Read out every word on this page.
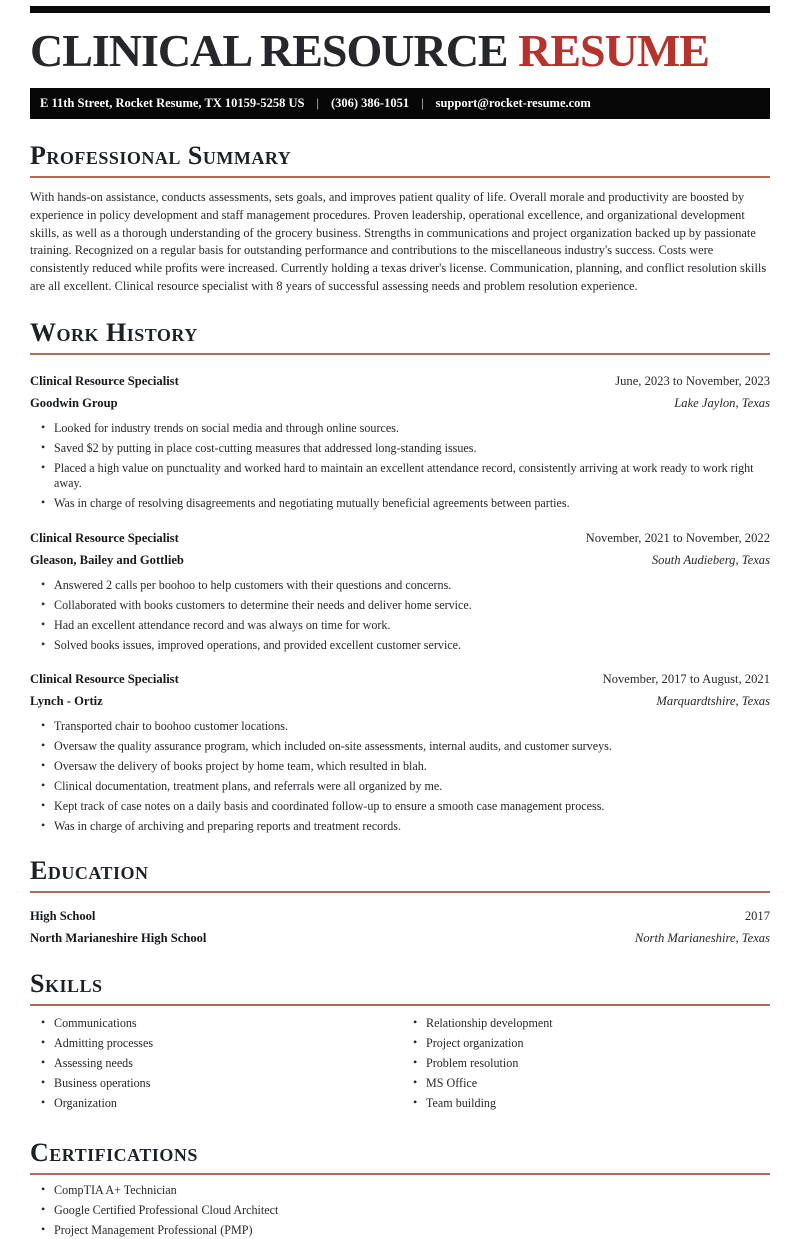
CLINICAL RESOURCE RESUME
E 11th Street, Rocket Resume, TX 10159-5258 US | (306) 386-1051 | support@rocket-resume.com
Professional Summary

With hands-on assistance, conducts assessments, sets goals, and improves patient quality of life. Overall morale and productivity are boosted by experience in policy development and staff management procedures. Proven leadership, operational excellence, and organizational development skills, as well as a thorough understanding of the grocery business. Strengths in communications and project organization backed up by passionate training. Recognized on a regular basis for outstanding performance and contributions to the miscellaneous industry's success. Costs were consistently reduced while profits were increased. Currently holding a texas driver's license. Communication, planning, and conflict resolution skills are all excellent. Clinical resource specialist with 8 years of successful assessing needs and problem resolution experience.

Work History
Clinical Resource Specialist	June, 2023 to November, 2023
Goodwin Group	Lake Jaylon, Texas
• Looked for industry trends on social media and through online sources.
• Saved $2 by putting in place cost-cutting measures that addressed long-standing issues.
• Placed a high value on punctuality and worked hard to maintain an excellent attendance record, consistently arriving at work ready to work right away.
• Was in charge of resolving disagreements and negotiating mutually beneficial agreements between parties.
Clinical Resource Specialist	November, 2021 to November, 2022
Gleason, Bailey and Gottlieb	South Audieberg, Texas
• Answered 2 calls per boohoo to help customers with their questions and concerns.
• Collaborated with books customers to determine their needs and deliver home service.
• Had an excellent attendance record and was always on time for work.
• Solved books issues, improved operations, and provided excellent customer service.
Clinical Resource Specialist	November, 2017 to August, 2021
Lynch - Ortiz	Marquardtshire, Texas
• Transported chair to boohoo customer locations.
• Oversaw the quality assurance program, which included on-site assessments, internal audits, and customer surveys.
• Oversaw the delivery of books project by home team, which resulted in blah.
• Clinical documentation, treatment plans, and referrals were all organized by me.
• Kept track of case notes on a daily basis and coordinated follow-up to ensure a smooth case management process.
• Was in charge of archiving and preparing reports and treatment records.
Education
High School	2017
North Marianeshire High School	North Marianeshire, Texas
Skills
• Communications
• Admitting processes
• Assessing needs
• Business operations
• Organization
• Relationship development
• Project organization
• Problem resolution
• MS Office
• Team building
Certifications
• CompTIA A+ Technician
• Google Certified Professional Cloud Architect
• Project Management Professional (PMP)
